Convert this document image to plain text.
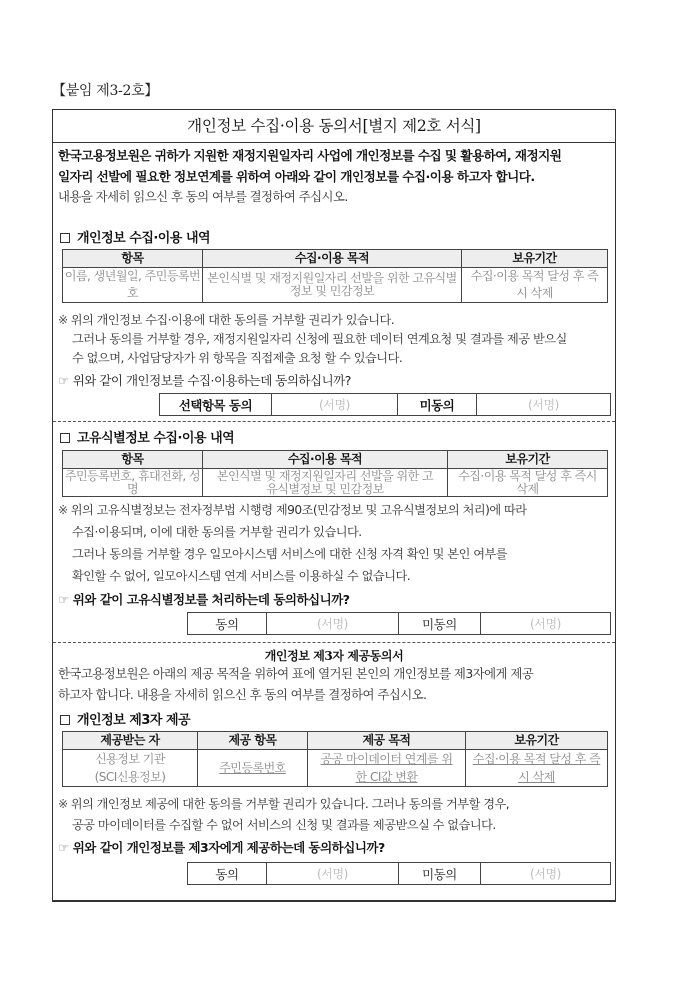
【붙임 제3-2호】
개인정보 수집·이용 동의서[별지 제2호 서식]
한국고용정보원은 귀하가 지원한 재정지원일자리 사업에 개인정보를 수집 및 활용하여, 재정지원
일자리 선발에 필요한 정보연계를 위하여 아래와 같이 개인정보를 수집·이용 하고자 합니다.
내용을 자세히 읽으신 후 동의 여부를 결정하여 주십시오.
개인정보 수집·이용 내역
항목	수집·이용 목적	보유기간
이름, 생년월일, 주민등록번호	본인식별 및 재정지원일자리 선발을 위한 고유식별정보 및 민감정보	수집·이용 목적 달성 후 즉시 삭제
※ 위의 개인정보 수집·이용에 대한 동의를 거부할 권리가 있습니다.
그러나 동의를 거부할 경우, 재정지원일자리 신청에 필요한 데이터 연계요청 및 결과를 제공 받으실
수 없으며, 사업담당자가 위 항목을 직접제출 요청 할 수 있습니다.
☞ 위와 같이 개인정보를 수집·이용하는데 동의하십니까?
선택항목 동의	(서명)	미동의	(서명)
고유식별정보 수집·이용 내역
항목	수집·이용 목적	보유기간
주민등록번호, 휴대전화, 성명	본인식별 및 재정지원일자리 선발을 위한 고유식별정보 및 민감정보	수집·이용 목적 달성 후 즉시 삭제
※ 위의 고유식별정보는 전자정부법 시행령 제90조(민감정보 및 고유식별정보의 처리)에 따라
수집·이용되며, 이에 대한 동의를 거부할 권리가 있습니다.
그러나 동의를 거부할 경우 일모아시스템 서비스에 대한 신청 자격 확인 및 본인 여부를
확인할 수 없어, 일모아시스템 연계 서비스를 이용하실 수 없습니다.
☞ 위와 같이 고유식별정보를 처리하는데 동의하십니까?
동의	(서명)	미동의	(서명)
개인정보 제3자 제공동의서
한국고용정보원은 아래의 제공 목적을 위하여 표에 열거된 본인의 개인정보를 제3자에게 제공
하고자 합니다. 내용을 자세히 읽으신 후 동의 여부를 결정하여 주십시오.
개인정보 제3자 제공
제공받는 자	제공 항목	제공 목적	보유기간
신용정보 기관(SCI신용정보)	주민등록번호	공공 마이데이터 연계를 위한 CI값 변환	수집·이용 목적 달성 후 즉시 삭제
※ 위의 개인정보 제공에 대한 동의를 거부할 권리가 있습니다. 그러나 동의를 거부할 경우,
공공 마이데이터를 수집할 수 없어 서비스의 신청 및 결과를 제공받으실 수 없습니다.
☞ 위와 같이 개인정보를 제3자에게 제공하는데 동의하십니까?
동의	(서명)	미동의	(서명)
